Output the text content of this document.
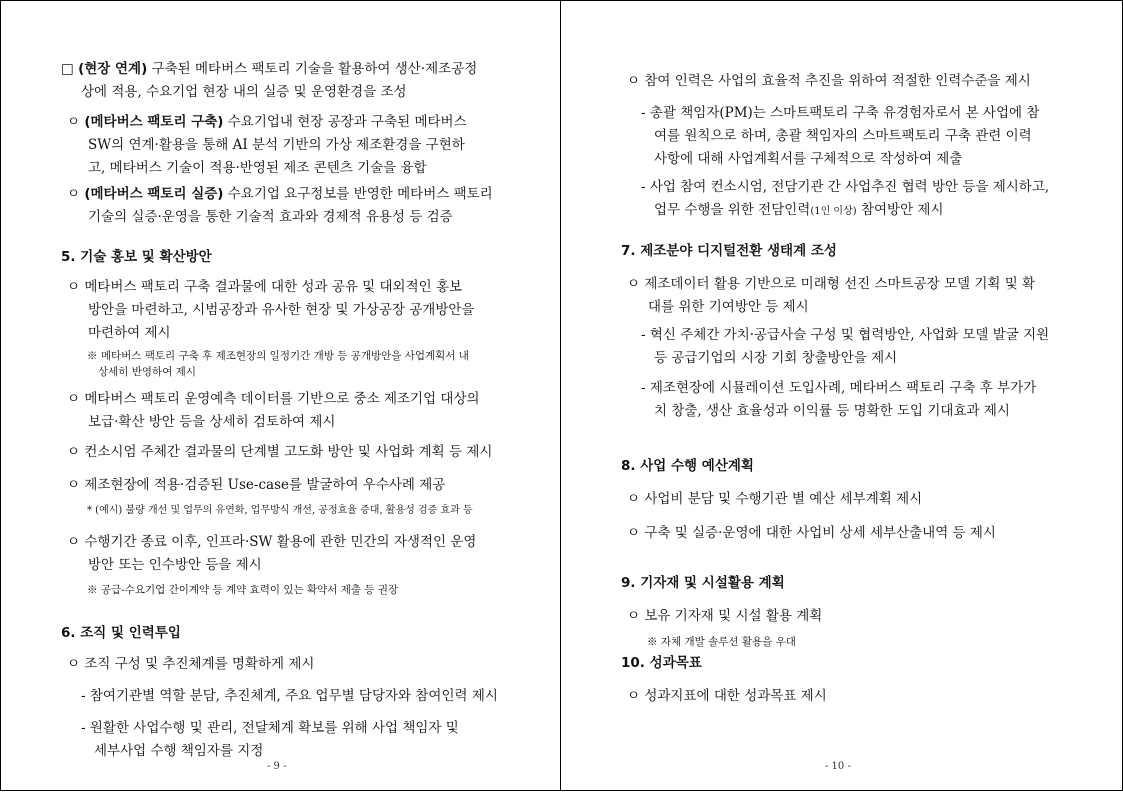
□ (현장 연계) 구축된 메타버스 팩토리 기술을 활용하여 생산·제조공정
상에 적용, 수요기업 현장 내의 실증 및 운영환경을 조성
ㅇ (메타버스 팩토리 구축) 수요기업내 현장 공장과 구축된 메타버스
SW의 연계·활용을 통해 AI 분석 기반의 가상 제조환경을 구현하
고, 메타버스 기술이 적용·반영된 제조 콘텐츠 기술을 융합
ㅇ (메타버스 팩토리 실증) 수요기업 요구정보를 반영한 메타버스 팩토리
기술의 실증·운영을 통한 기술적 효과와 경제적 유용성 등 검증
5. 기술 홍보 및 확산방안
ㅇ 메타버스 팩토리 구축 결과물에 대한 성과 공유 및 대외적인 홍보
방안을 마련하고, 시범공장과 유사한 현장 및 가상공장 공개방안을
마련하여 제시
※ 메타버스 팩토리 구축 후 제조현장의 일정기간 개방 등 공개방안을 사업계획서 내
상세히 반영하여 제시
ㅇ 메타버스 팩토리 운영예측 데이터를 기반으로 중소 제조기업 대상의
보급·확산 방안 등을 상세히 검토하여 제시
ㅇ 컨소시엄 주체간 결과물의 단계별 고도화 방안 및 사업화 계획 등 제시
ㅇ 제조현장에 적용·검증된 Use-case를 발굴하여 우수사례 제공
* (예시) 불량 개선 및 업무의 유연화, 업무방식 개선, 공정효율 증대, 활용성 검증 효과 등
ㅇ 수행기간 종료 이후, 인프라·SW 활용에 관한 민간의 자생적인 운영
방안 또는 인수방안 등을 제시
※ 공급-수요기업 간이계약 등 계약 효력이 있는 확약서 제출 등 권장
6. 조직 및 인력투입
ㅇ 조직 구성 및 추진체계를 명확하게 제시
- 참여기관별 역할 분담, 추진체계, 주요 업무별 담당자와 참여인력 제시
- 원활한 사업수행 및 관리, 전달체계 확보를 위해 사업 책임자 및
세부사업 수행 책임자를 지정
- 9 -
ㅇ 참여 인력은 사업의 효율적 추진을 위하여 적절한 인력수준을 제시
- 총괄 책임자(PM)는 스마트팩토리 구축 유경험자로서 본 사업에 참
여를 원칙으로 하며, 총괄 책임자의 스마트팩토리 구축 관련 이력
사항에 대해 사업계획서를 구체적으로 작성하여 제출
- 사업 참여 컨소시엄, 전담기관 간 사업추진 협력 방안 등을 제시하고,
업무 수행을 위한 전담인력(1인 이상) 참여방안 제시
7. 제조분야 디지털전환 생태계 조성
ㅇ 제조데이터 활용 기반으로 미래형 선진 스마트공장 모델 기획 및 확
대를 위한 기여방안 등 제시
- 혁신 주체간 가치·공급사슬 구성 및 협력방안, 사업화 모델 발굴 지원
등 공급기업의 시장 기회 창출방안을 제시
- 제조현장에 시뮬레이션 도입사례, 메타버스 팩토리 구축 후 부가가
치 창출, 생산 효율성과 이익률 등 명확한 도입 기대효과 제시
8. 사업 수행 예산계획
ㅇ 사업비 분담 및 수행기관 별 예산 세부계획 제시
ㅇ 구축 및 실증·운영에 대한 사업비 상세 세부산출내역 등 제시
9. 기자재 및 시설활용 계획
ㅇ 보유 기자재 및 시설 활용 계획
※ 자체 개발 솔루션 활용을 우대
10. 성과목표
ㅇ 성과지표에 대한 성과목표 제시
- 10 -
